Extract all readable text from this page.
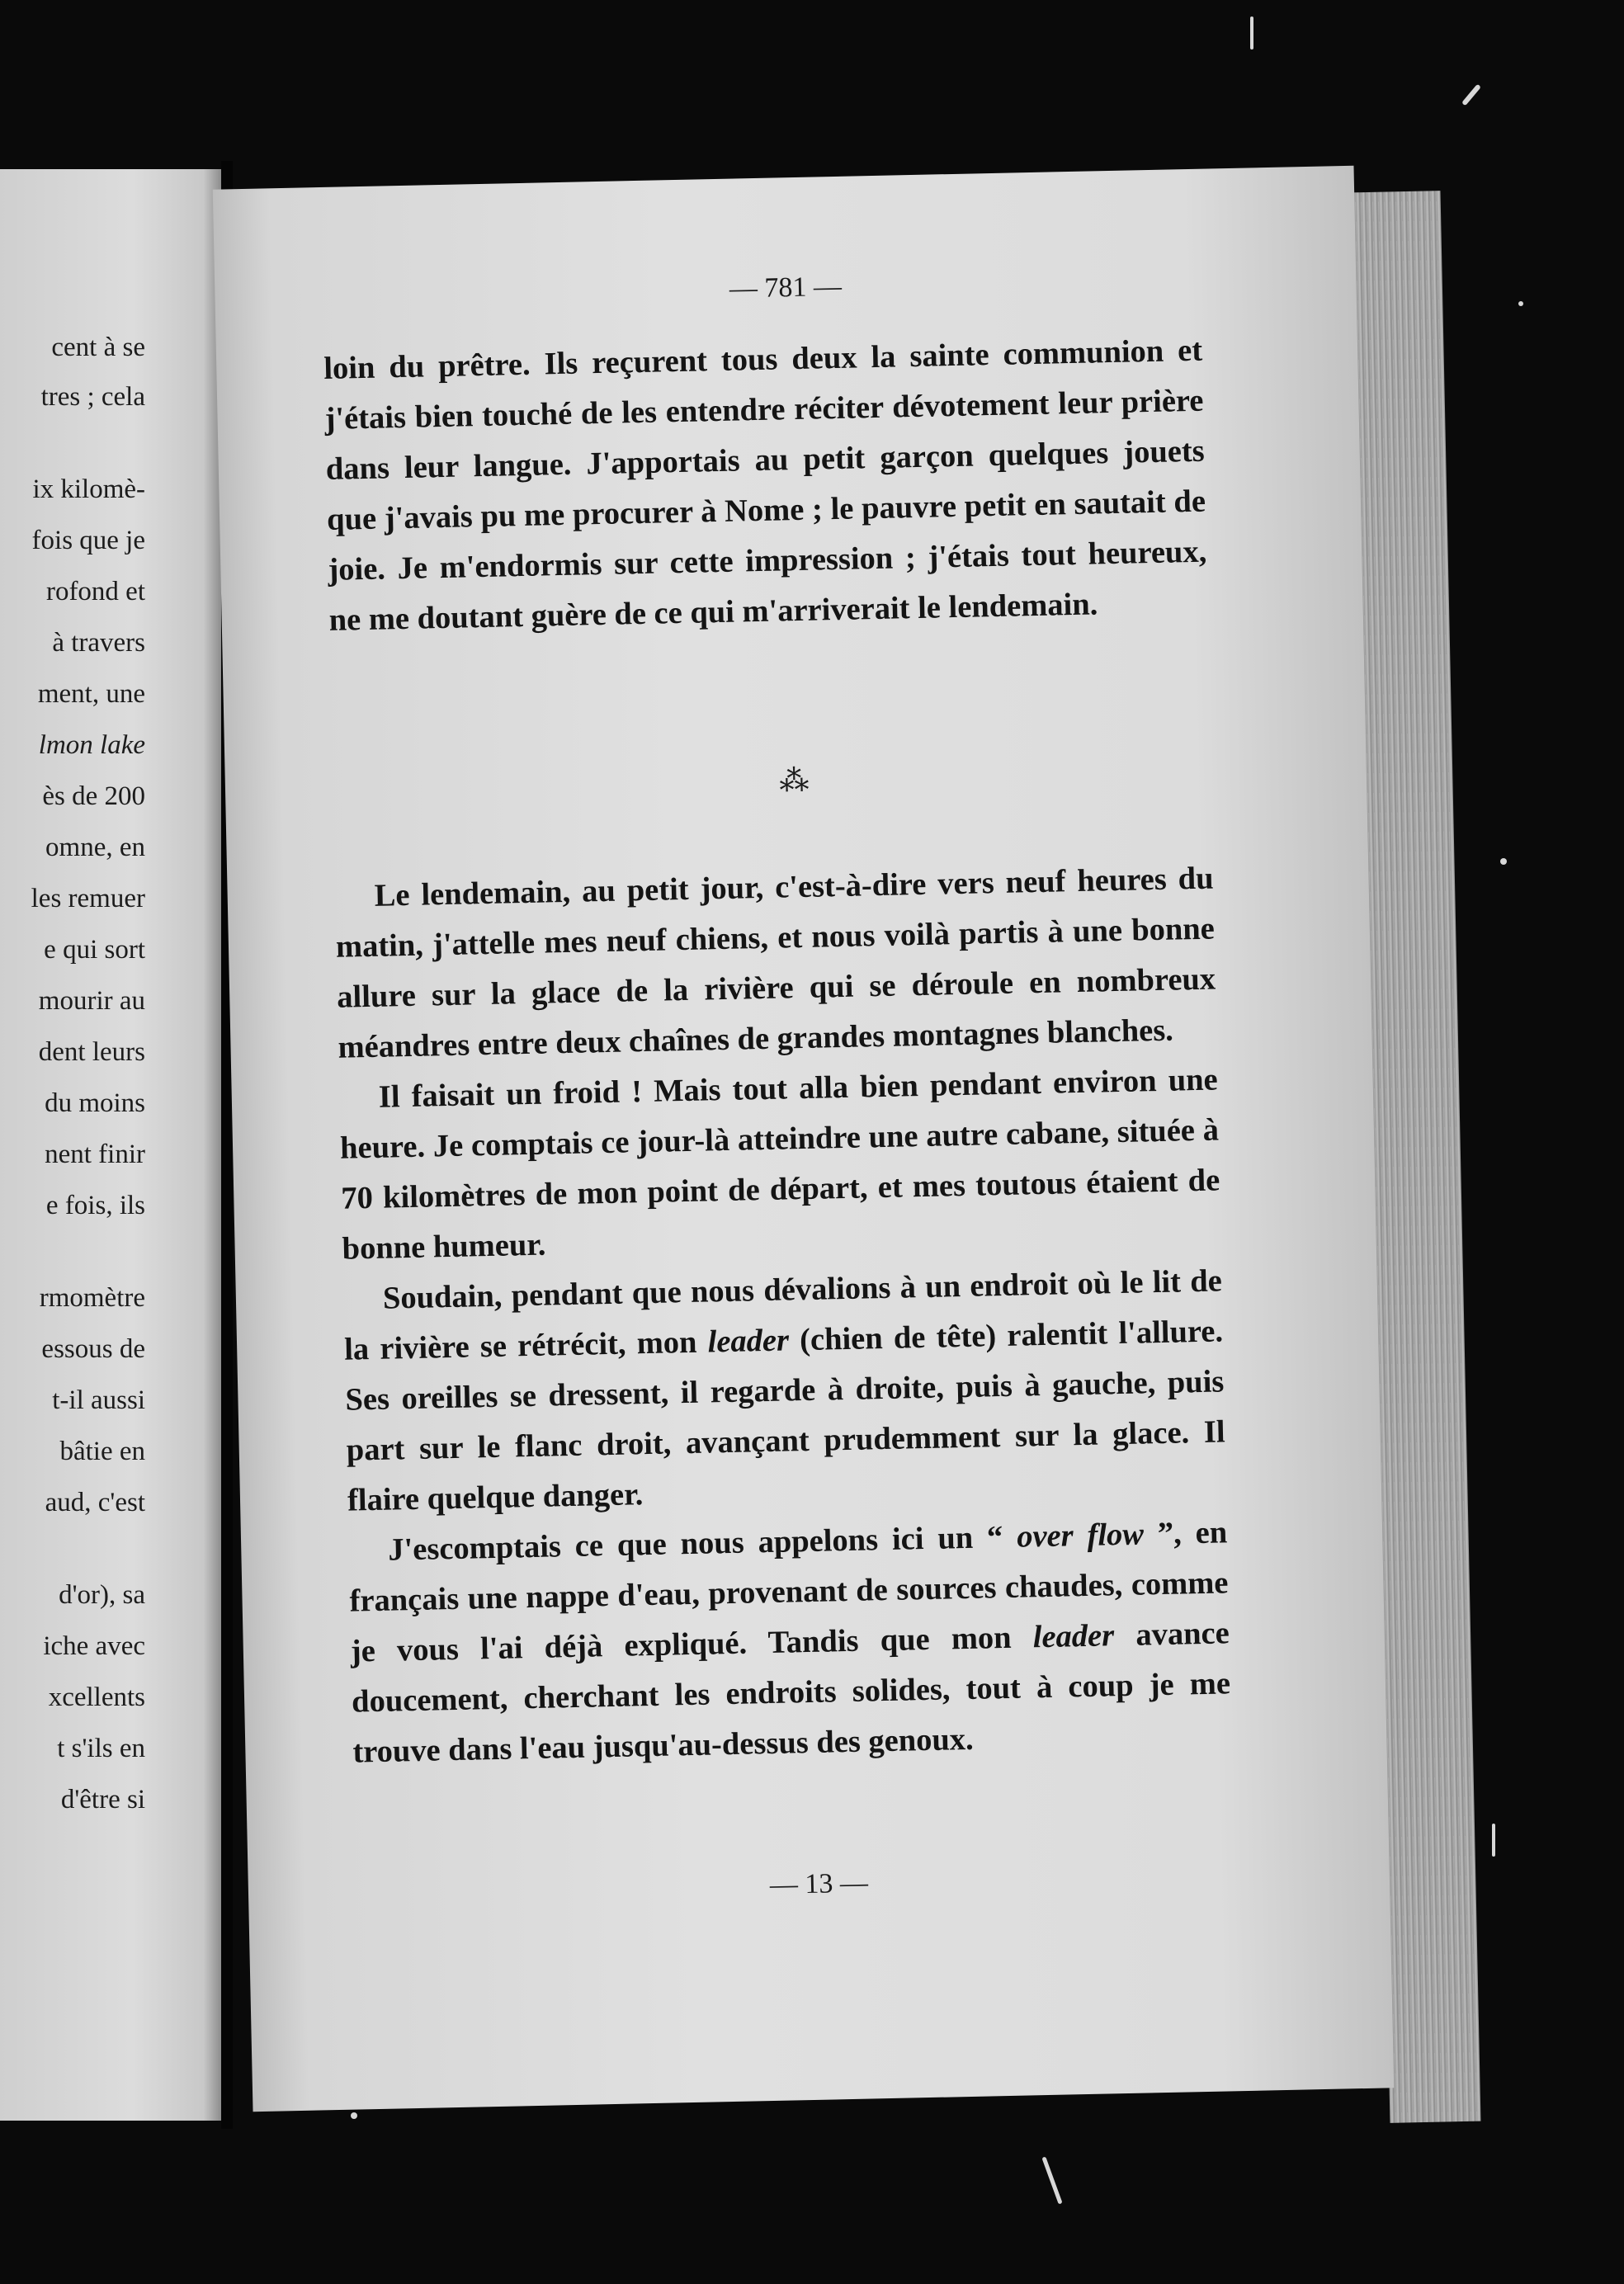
cent à se
tres ; cela
ix kilomè-
fois que je
rofond et
à travers
ment, une
lmon lake
ès de 200
omne, en
les remuer
e qui sort
mourir au
dent leurs
du moins
nent finir
e fois, ils
rmomètre
essous de
t-il aussi
bâtie en
aud, c'est
d'or), sa
iche avec
xcellents
t s'ils en
d'être si
— 781 —

loin du prêtre. Ils reçurent tous deux la sainte communion et j'étais bien touché de les entendre réciter dévotement leur prière dans leur langue. J'apportais au petit garçon quelques jouets que j'avais pu me procurer à Nome ; le pauvre petit en sautait de joie. Je m'endormis sur cette impression ; j'étais tout heureux, ne me doutant guère de ce qui m'arriverait le lendemain.

⁂

Le lendemain, au petit jour, c'est-à-dire vers neuf heures du matin, j'attelle mes neuf chiens, et nous voilà partis à une bonne allure sur la glace de la rivière qui se déroule en nombreux méandres entre deux chaînes de grandes montagnes blanches.

Il faisait un froid ! Mais tout alla bien pendant environ une heure. Je comptais ce jour-là atteindre une autre cabane, située à 70 kilomètres de mon point de départ, et mes toutous étaient de bonne humeur.

Soudain, pendant que nous dévalions à un endroit où le lit de la rivière se rétrécit, mon leader (chien de tête) ralentit l'allure. Ses oreilles se dressent, il regarde à droite, puis à gauche, puis part sur le flanc droit, avançant prudemment sur la glace. Il flaire quelque danger.

J'escomptais ce que nous appelons ici un “ over flow ”, en français une nappe d'eau, provenant de sources chaudes, comme je vous l'ai déjà expliqué. Tandis que mon leader avance doucement, cherchant les endroits solides, tout à coup je me trouve dans l'eau jusqu'au-dessus des genoux.

— 13 —
